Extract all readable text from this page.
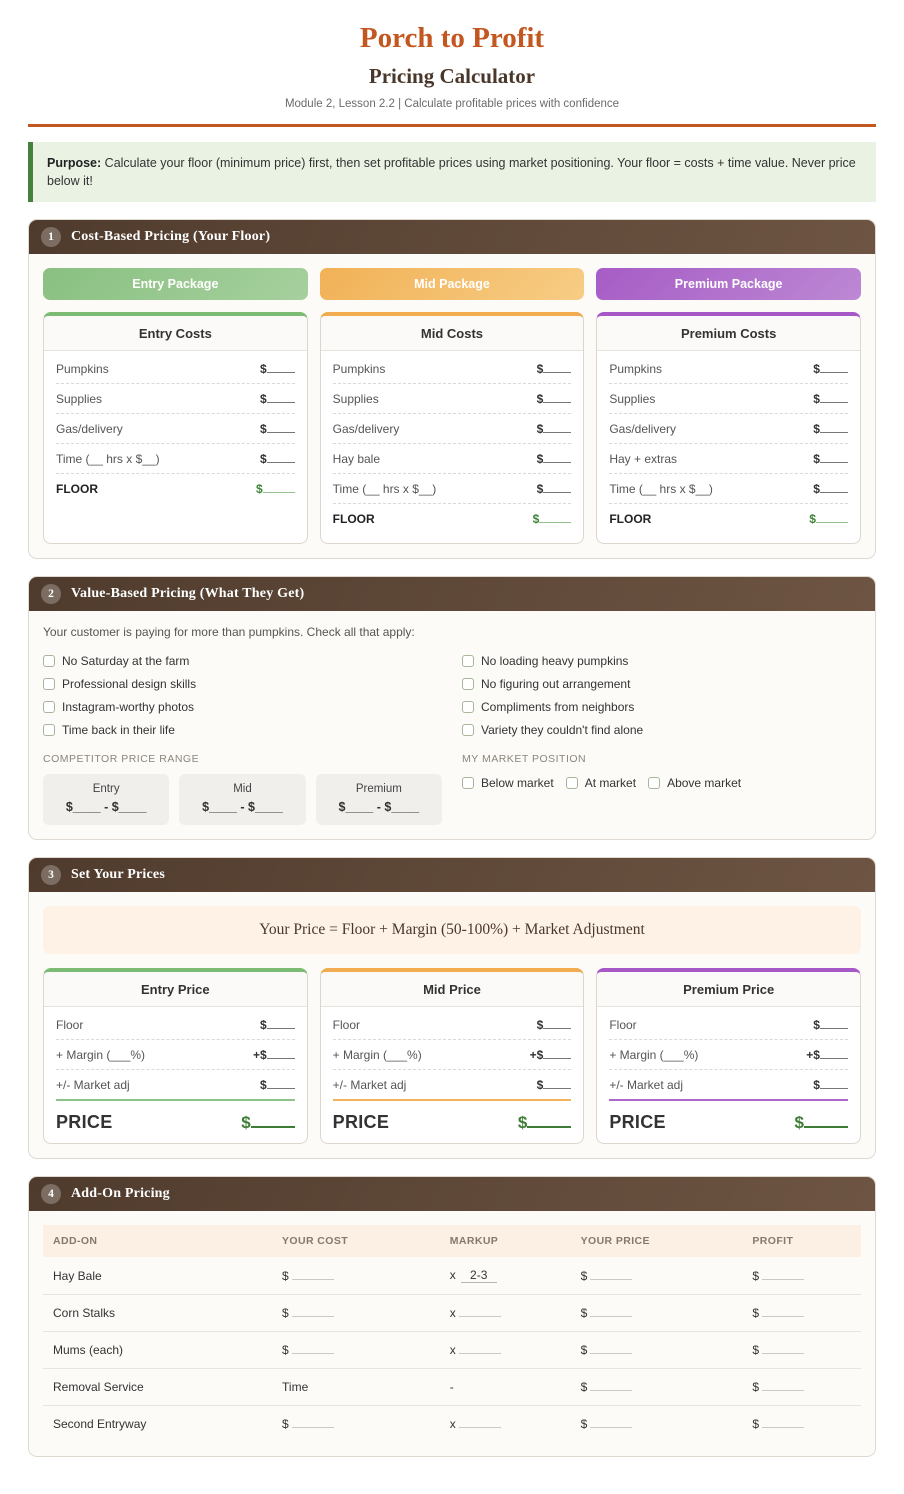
Porch to Profit
Pricing Calculator
Module 2, Lesson 2.2 | Calculate profitable prices with confidence
Purpose: Calculate your floor (minimum price) first, then set profitable prices using market positioning. Your floor = costs + time value. Never price below it!
1	Cost-Based Pricing (Your Floor)
Entry Package	Mid Package	Premium Package
Entry Costs
Pumpkins	$
Supplies	$
Gas/delivery	$
Time (__ hrs x $__)	$
FLOOR	$
Mid Costs
Pumpkins	$
Supplies	$
Gas/delivery	$
Hay bale	$
Time (__ hrs x $__)	$
FLOOR	$
Premium Costs
Pumpkins	$
Supplies	$
Gas/delivery	$
Hay + extras	$
Time (__ hrs x $__)	$
FLOOR	$
2	Value-Based Pricing (What They Get)
Your customer is paying for more than pumpkins. Check all that apply:
No Saturday at the farm
Professional design skills
Instagram-worthy photos
Time back in their life
No loading heavy pumpkins
No figuring out arrangement
Compliments from neighbors
Variety they couldn't find alone
COMPETITOR PRICE RANGE
Entry
$____ - $____
Mid
$____ - $____
Premium
$____ - $____
MY MARKET POSITION
Below market	At market	Above market
3	Set Your Prices
Your Price = Floor + Margin (50-100%) + Market Adjustment
Entry Price
Floor	$
+ Margin (___%)	+$
+/- Market adj	$
PRICE	$
Mid Price
Floor	$
+ Margin (___%)	+$
+/- Market adj	$
PRICE	$
Premium Price
Floor	$
+ Margin (___%)	+$
+/- Market adj	$
PRICE	$
4	Add-On Pricing
ADD-ON	YOUR COST	MARKUP	YOUR PRICE	PROFIT
Hay Bale	$	x 2-3	$	$
Corn Stalks	$	x	$	$
Mums (each)	$	x	$	$
Removal Service	Time	-	$	$
Second Entryway	$	x	$	$
